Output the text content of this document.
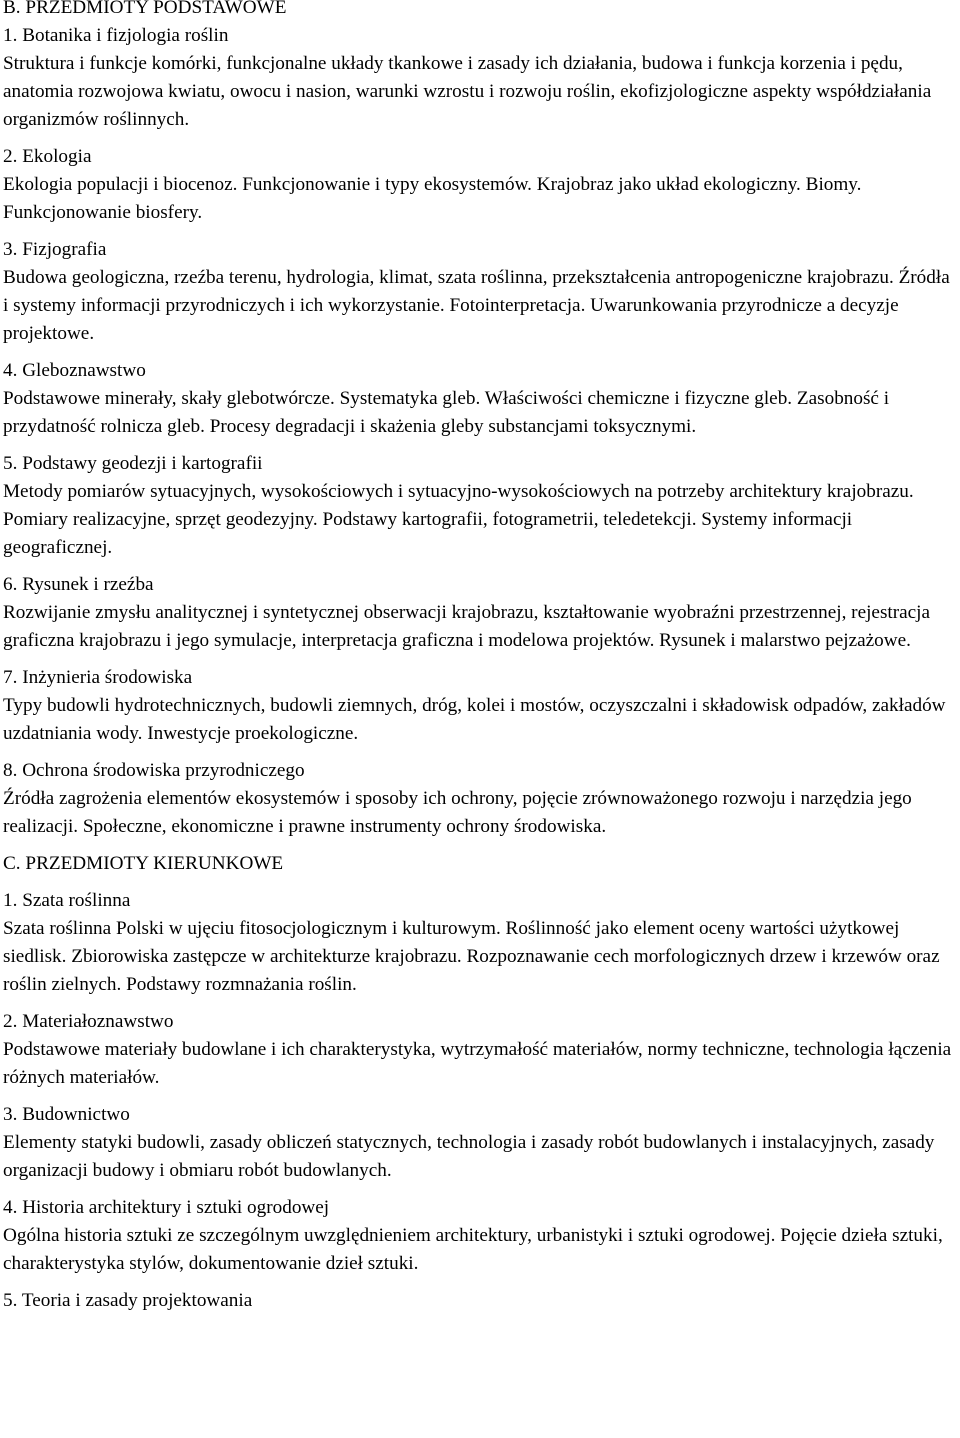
B. PRZEDMIOTY PODSTAWOWE
1. Botanika i fizjologia roślin

Struktura i funkcje komórki, funkcjonalne układy tkankowe i zasady ich działania, budowa i funkcja korzenia i pędu, anatomia rozwojowa kwiatu, owocu i nasion, warunki wzrostu i rozwoju roślin, ekofizjologiczne aspekty współdziałania organizmów roślinnych.

2. Ekologia

Ekologia populacji i biocenoz. Funkcjonowanie i typy ekosystemów. Krajobraz jako układ ekologiczny. Biomy. Funkcjonowanie biosfery.

3. Fizjografia

Budowa geologiczna, rzeźba terenu, hydrologia, klimat, szata roślinna, przekształcenia antropogeniczne krajobrazu. Źródła i systemy informacji przyrodniczych i ich wykorzystanie. Fotointerpretacja. Uwarunkowania przyrodnicze a decyzje projektowe.

4. Gleboznawstwo

Podstawowe minerały, skały glebotwórcze. Systematyka gleb. Właściwości chemiczne i fizyczne gleb. Zasobność i przydatność rolnicza gleb. Procesy degradacji i skażenia gleby substancjami toksycznymi.

5. Podstawy geodezji i kartografii

Metody pomiarów sytuacyjnych, wysokościowych i sytuacyjno-wysokościowych na potrzeby architektury krajobrazu. Pomiary realizacyjne, sprzęt geodezyjny. Podstawy kartografii, fotogrametrii, teledetekcji. Systemy informacji geograficznej.

6. Rysunek i rzeźba

Rozwijanie zmysłu analitycznej i syntetycznej obserwacji krajobrazu, kształtowanie wyobraźni przestrzennej, rejestracja graficzna krajobrazu i jego symulacje, interpretacja graficzna i modelowa projektów. Rysunek i malarstwo pejzażowe.

7. Inżynieria środowiska

Typy budowli hydrotechnicznych, budowli ziemnych, dróg, kolei i mostów, oczyszczalni i składowisk odpadów, zakładów uzdatniania wody. Inwestycje proekologiczne.

8. Ochrona środowiska przyrodniczego

Źródła zagrożenia elementów ekosystemów i sposoby ich ochrony, pojęcie zrównoważonego rozwoju i narzędzia jego realizacji. Społeczne, ekonomiczne i prawne instrumenty ochrony środowiska.

C. PRZEDMIOTY KIERUNKOWE
1. Szata roślinna

Szata roślinna Polski w ujęciu fitosocjologicznym i kulturowym. Roślinność jako element oceny wartości użytkowej siedlisk. Zbiorowiska zastępcze w architekturze krajobrazu. Rozpoznawanie cech morfologicznych drzew i krzewów oraz roślin zielnych. Podstawy rozmnażania roślin.

2. Materiałoznawstwo

Podstawowe materiały budowlane i ich charakterystyka, wytrzymałość materiałów, normy techniczne, technologia łączenia różnych materiałów.

3. Budownictwo

Elementy statyki budowli, zasady obliczeń statycznych, technologia i zasady robót budowlanych i instalacyjnych, zasady organizacji budowy i obmiaru robót budowlanych.

4. Historia architektury i sztuki ogrodowej

Ogólna historia sztuki ze szczególnym uwzględnieniem architektury, urbanistyki i sztuki ogrodowej. Pojęcie dzieła sztuki, charakterystyka stylów, dokumentowanie dzieł sztuki.

5. Teoria i zasady projektowania
